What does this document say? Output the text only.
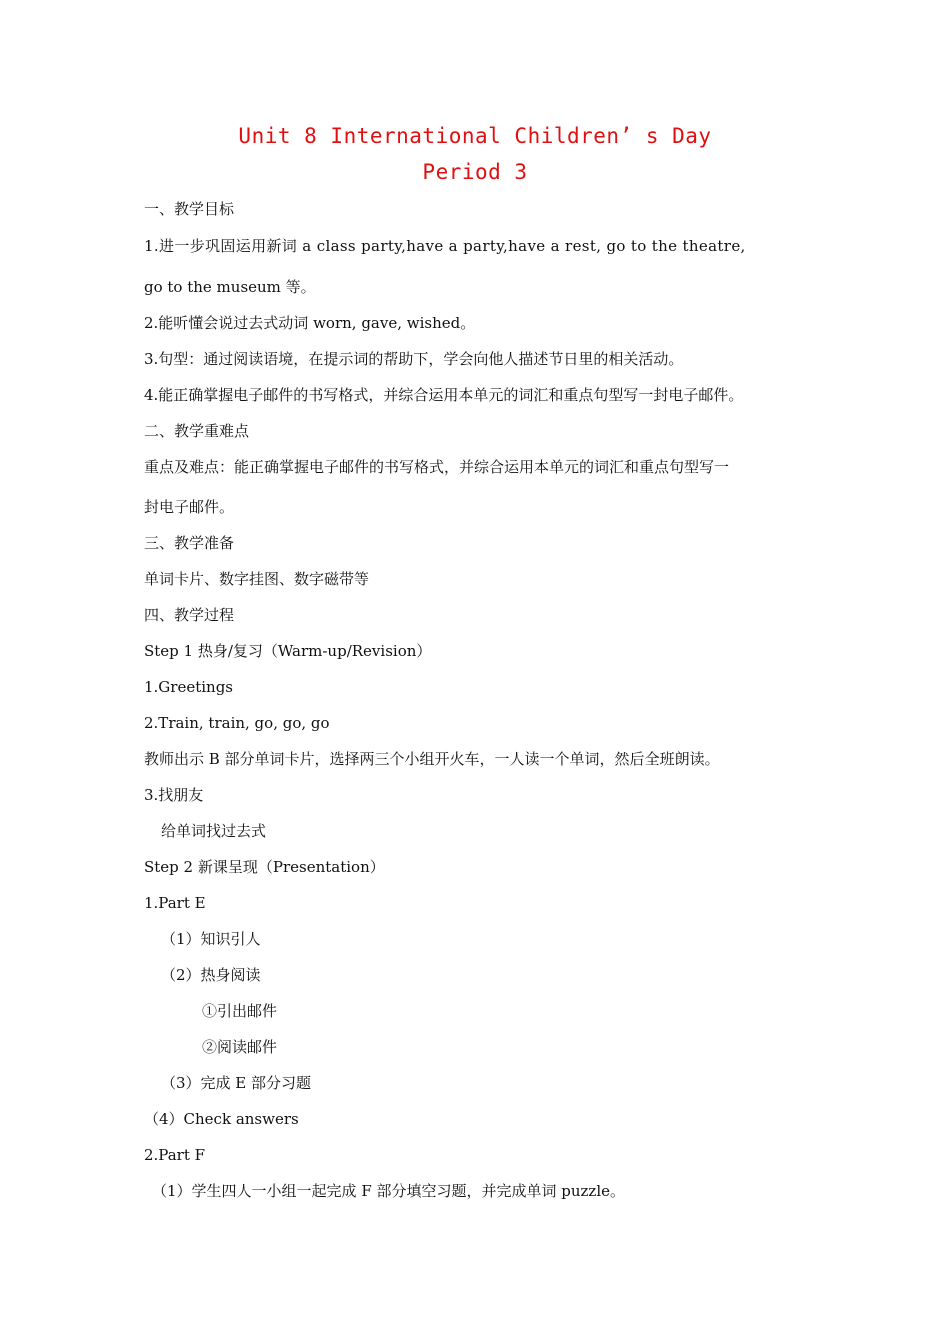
Unit 8 International Children’ s Day
Period 3
一、教学目标
1.进一步巩固运用新词 a class party,have a party,have a rest, go to the theatre,
go to the museum 等。
2.能听懂会说过去式动词 worn, gave, wished。
3.句型：通过阅读语境，在提示词的帮助下，学会向他人描述节日里的相关活动。
4.能正确掌握电子邮件的书写格式，并综合运用本单元的词汇和重点句型写一封电子邮件。
二、教学重难点
重点及难点：能正确掌握电子邮件的书写格式，并综合运用本单元的词汇和重点句型写一
封电子邮件。
三、教学准备
单词卡片、数字挂图、数字磁带等
四、教学过程
Step 1 热身/复习（Warm-up/Revision）
1.Greetings
2.Train, train, go, go, go
教师出示 B 部分单词卡片，选择两三个小组开火车，一人读一个单词，然后全班朗读。
3.找朋友
给单词找过去式
Step 2 新课呈现（Presentation）
1.Part E
（1）知识引人
（2）热身阅读
①引出邮件
②阅读邮件
（3）完成 E 部分习题
（4）Check answers
2.Part F
（1）学生四人一小组一起完成 F 部分填空习题，并完成单词 puzzle。
